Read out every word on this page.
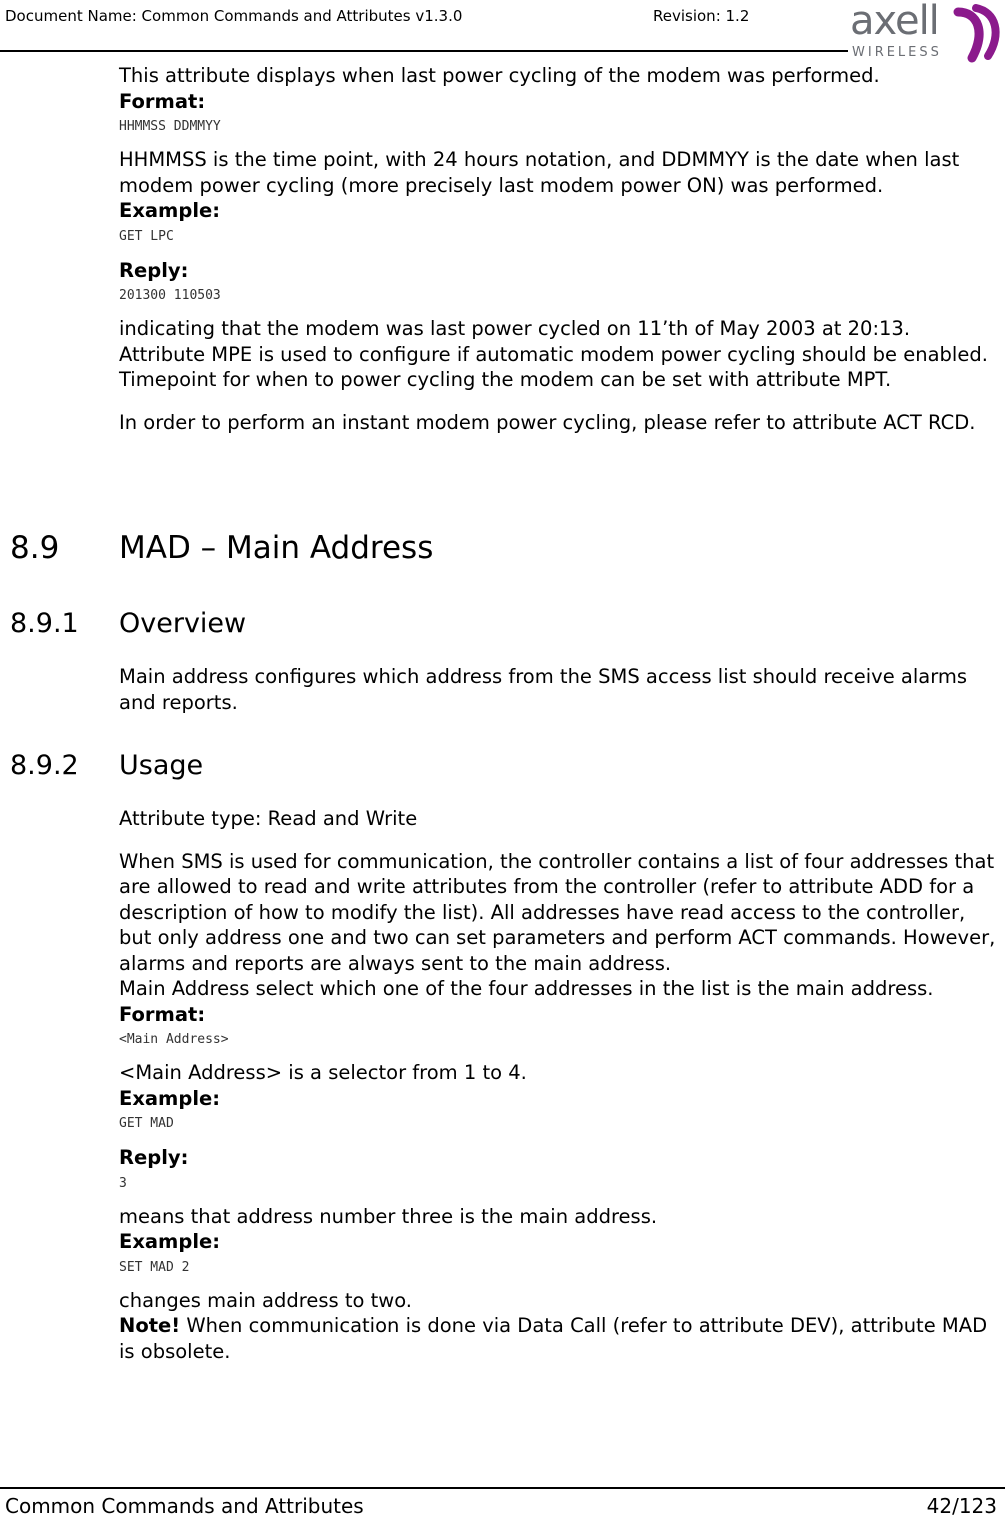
Document Name: Common Commands and Attributes v1.3.0	Revision: 1.2	axell
WIRELESS

This attribute displays when last power cycling of the modem was performed.

Format:

HHMMSS DDMMYY

HHMMSS is the time point, with 24 hours notation, and DDMMYY is the date when last modem power cycling (more precisely last modem power ON) was performed.

Example:

GET LPC

Reply:

201300 110503

indicating that the modem was last power cycled on 11’th of May 2003 at 20:13. Attribute MPE is used to configure if automatic modem power cycling should be enabled. Timepoint for when to power cycling the modem can be set with attribute MPT.

In order to perform an instant modem power cycling, please refer to attribute ACT RCD.

8.9 MAD – Main Address
8.9.1 Overview

Main address configures which address from the SMS access list should receive alarms and reports.

8.9.2 Usage

Attribute type: Read and Write

When SMS is used for communication, the controller contains a list of four addresses that are allowed to read and write attributes from the controller (refer to attribute ADD for a description of how to modify the list). All addresses have read access to the controller, but only address one and two can set parameters and perform ACT commands. However, alarms and reports are always sent to the main address.

Main Address select which one of the four addresses in the list is the main address.

Format:

<Main Address>

<Main Address> is a selector from 1 to 4.

Example:

GET MAD

Reply:

3

means that address number three is the main address.

Example:

SET MAD 2

changes main address to two.

Note! When communication is done via Data Call (refer to attribute DEV), attribute MAD is obsolete.

Common Commands and Attributes	42/123
